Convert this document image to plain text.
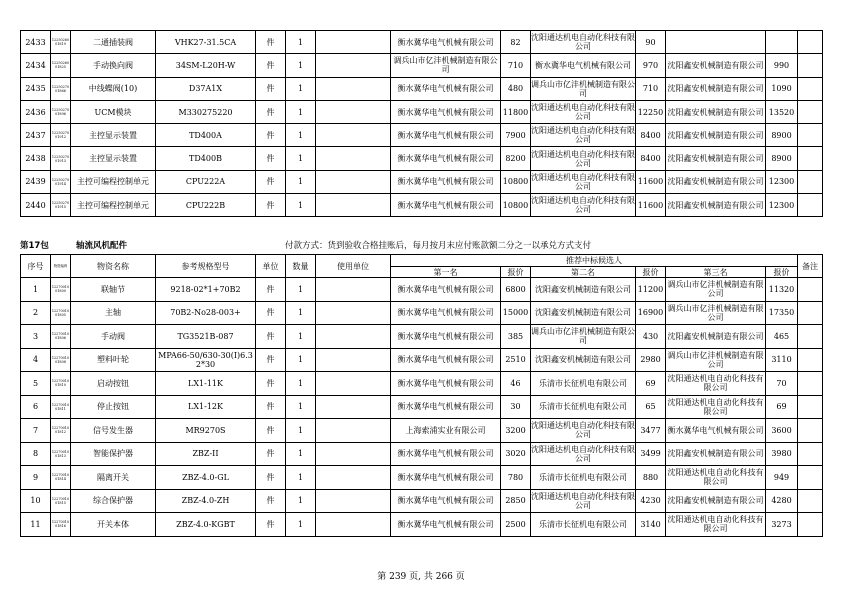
2433	12250260 01819	二通插装阀	VHK27-31.5CA	件	1		衡水冀华电气机械有限公司	82	沈阳通达机电自动化科技有限公司	90			
2434	12250260 01825	手动换向阀	34SM-L20H-W	件	1		调兵山市亿沣机械制造有限公司	710	衡水冀华电气机械有限公司	970	沈阳鑫安机械制造有限公司	990	
2435	12250270 01866	中线蝶阀(10)	D37A1X	件	1		衡水冀华电气机械有限公司	480	调兵山市亿沣机械制造有限公司	710	沈阳鑫安机械制造有限公司	1090	
2436	12250270 01896	UCM模块	M330275220	件	1		衡水冀华电气机械有限公司	11800	沈阳通达机电自动化科技有限公司	12250	沈阳鑫安机械制造有限公司	13520	
2437	12250270 01912	主控显示装置	TD400A	件	1		衡水冀华电气机械有限公司	7900	沈阳通达机电自动化科技有限公司	8400	沈阳鑫安机械制造有限公司	8900	
2438	12250270 01913	主控显示装置	TD400B	件	1		衡水冀华电气机械有限公司	8200	沈阳通达机电自动化科技有限公司	8400	沈阳鑫安机械制造有限公司	8900	
2439	12250270 01914	主控可编程控制单元	CPU222A	件	1		衡水冀华电气机械有限公司	10800	沈阳通达机电自动化科技有限公司	11600	沈阳鑫安机械制造有限公司	12300	
2440	12250270 01915	主控可编程控制单元	CPU222B	件	1		衡水冀华电气机械有限公司	10800	沈阳通达机电自动化科技有限公司	11600	沈阳鑫安机械制造有限公司	12300	
第17包	轴流风机配件	付款方式：货到验收合格挂账后，每月按月末应付账款额二分之一以承兑方式支付
序号	物资编码	物资名称	参考规格型号	单位	数量	使用单位	推荐中标候选人						备注
							第一名	报价	第二名	报价	第三名	报价	
1	12270010 01800	联轴节	9218-02*1+70B2	件	1		衡水冀华电气机械有限公司	6800	沈阳鑫安机械制造有限公司	11200	调兵山市亿沣机械制造有限公司	11320	
2	12270010 01805	主轴	70B2-No28-003+	件	1		衡水冀华电气机械有限公司	15000	沈阳鑫安机械制造有限公司	16900	调兵山市亿沣机械制造有限公司	17350	
3	12270010 01806	手动阀	TG3521B-087	件	1		衡水冀华电气机械有限公司	385	调兵山市亿沣机械制造有限公司	430	沈阳鑫安机械制造有限公司	465	
4	12270010 01808	塑料叶轮	MPA66-50/630-30(I)6.3 2*30	件	1		衡水冀华电气机械有限公司	2510	沈阳鑫安机械制造有限公司	2980	调兵山市亿沣机械制造有限公司	3110	
5	12270010 01810	启动按钮	LX1-11K	件	1		衡水冀华电气机械有限公司	46	乐清市长征机电有限公司	69	沈阳通达机电自动化科技有限公司	70	
6	12270010 01811	停止按钮	LX1-12K	件	1		衡水冀华电气机械有限公司	30	乐清市长征机电有限公司	65	沈阳通达机电自动化科技有限公司	69	
7	12270010 01812	信号发生器	MR9270S	件	1		上海索浦实业有限公司	3200	沈阳通达机电自动化科技有限公司	3477	衡水冀华电气机械有限公司	3600	
8	12270010 01813	智能保护器	ZBZ-II	件	1		衡水冀华电气机械有限公司	3020	沈阳通达机电自动化科技有限公司	3499	沈阳鑫安机械制造有限公司	3980	
9	12270010 01814	隔离开关	ZBZ-4.0-GL	件	1		衡水冀华电气机械有限公司	780	乐清市长征机电有限公司	880	沈阳通达机电自动化科技有限公司	949	
10	12270010 01815	综合保护器	ZBZ-4.0-ZH	件	1		衡水冀华电气机械有限公司	2850	沈阳通达机电自动化科技有限公司	4230	沈阳鑫安机械制造有限公司	4280	
11	12270010 01816	开关本体	ZBZ-4.0-KGBT	件	1		衡水冀华电气机械有限公司	2500	乐清市长征机电有限公司	3140	沈阳通达机电自动化科技有限公司	3273	
第 239 页, 共 266 页
